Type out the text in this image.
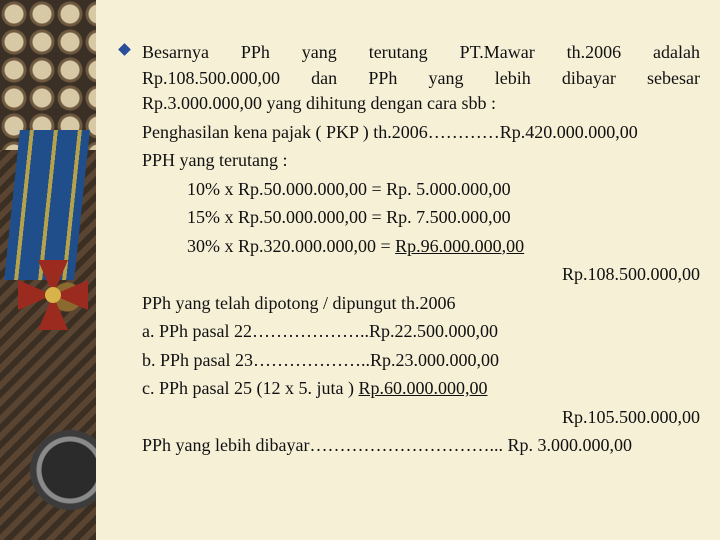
Besarnya PPh yang terutang PT.Mawar th.2006 adalah
Rp.108.500.000,00 dan PPh yang lebih dibayar sebesar
Rp.3.000.000,00 yang dihitung dengan cara sbb :
Penghasilan kena pajak ( PKP ) th.2006…………Rp.420.000.000,00
PPH yang terutang :
10% x Rp.50.000.000,00 = Rp. 5.000.000,00
15% x Rp.50.000.000,00 = Rp. 7.500.000,00
30% x Rp.320.000.000,00 = Rp.96.000.000,00
Rp.108.500.000,00
PPh yang telah dipotong / dipungut th.2006
a. PPh pasal 22………………..Rp.22.500.000,00
b. PPh pasal 23………………..Rp.23.000.000,00
c. PPh pasal 25 (12 x 5. juta ) Rp.60.000.000,00
Rp.105.500.000,00
PPh yang lebih dibayar…………………………... Rp. 3.000.000,00
